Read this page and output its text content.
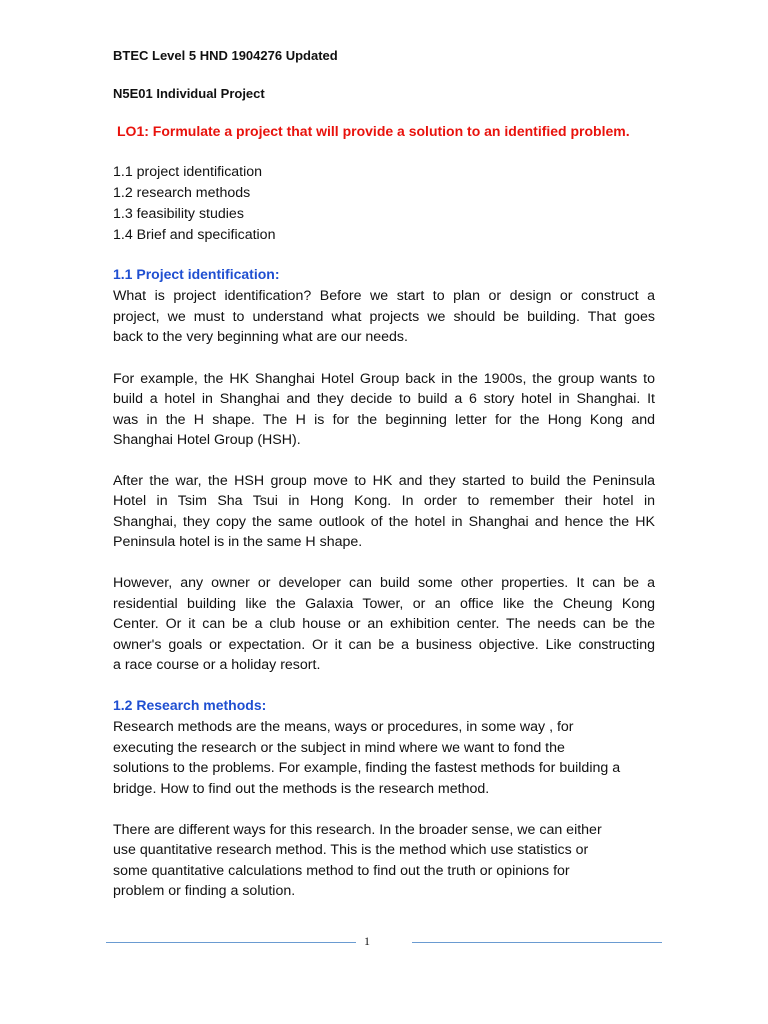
BTEC Level 5 HND 1904276 Updated
N5E01 Individual Project
LO1: Formulate a project that will provide a solution to an identified problem.
1.1 project identification
1.2 research methods
1.3 feasibility studies
1.4 Brief and specification
1.1 Project identification:
What is project identification? Before we start to plan or design or construct a
project, we must to understand what projects we should be building. That goes
back to the very beginning what are our needs.
For example, the HK Shanghai Hotel Group back in the 1900s, the group wants to
build a hotel in Shanghai and they decide to build a 6 story hotel in Shanghai. It
was in the H shape. The H is for the beginning letter for the Hong Kong and
Shanghai Hotel Group (HSH).
After the war, the HSH group move to HK and they started to build the Peninsula
Hotel in Tsim Sha Tsui in Hong Kong. In order to remember their hotel in
Shanghai, they copy the same outlook of the hotel in Shanghai and hence the HK
Peninsula hotel is in the same H shape.
However, any owner or developer can build some other properties. It can be a
residential building like the Galaxia Tower, or an office like the Cheung Kong
Center. Or it can be a club house or an exhibition center. The needs can be the
owner's goals or expectation. Or it can be a business objective. Like constructing
a race course or a holiday resort.
1.2 Research methods:
Research methods are the means, ways or procedures, in some way , for
executing the research or the subject in mind where we want to fond the
solutions to the problems. For example, finding the fastest methods for building a
bridge. How to find out the methods is the research method.
There are different ways for this research. In the broader sense, we can either
use quantitative research method. This is the method which use statistics or
some quantitative calculations method to find out the truth or opinions for
problem or finding a solution.
1
